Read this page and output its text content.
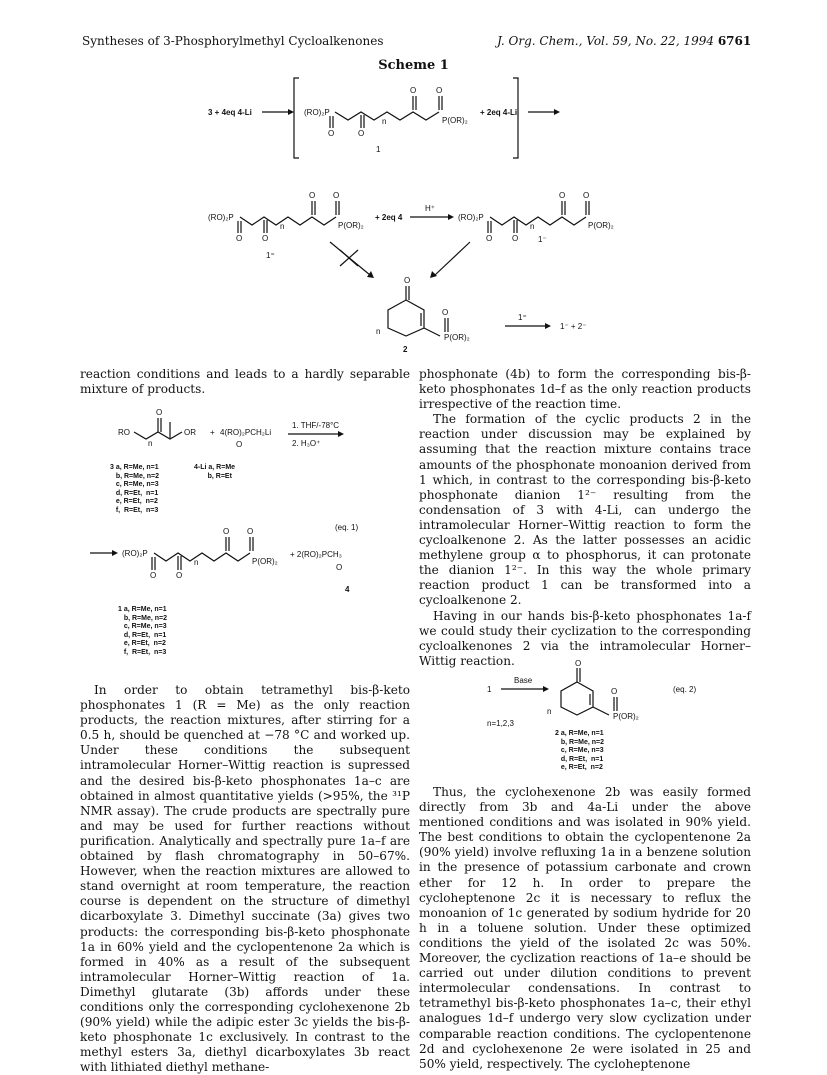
Syntheses of 3-Phosphorylmethyl Cycloalkenones	J. Org. Chem., Vol. 59, No. 22, 1994 6761
Scheme 1
3 + 4eq 4-Li	(RO)₂P
O	O
n
O O
P(OR)₂
+ 2eq 4-Li
1
(RO)₂P
O O
O O
n	P(OR)₂
+ 2eq 4
H⁺
1⁼
(RO)₂P
O O
O O
n	P(OR)₂
1⁻
O
O
P(OR)₂
n
2
1⁼
1⁻ + 2⁻

reaction conditions and leads to a hardly separable mixture of products.

RO
O
OR
n
+ 4(RO)₂PCH₂Li
O
1. THF/-78°C
2. H₃O⁺
(eq. 1)
(RO)₂P
O O
O O
n	P(OR)₂
+ 2(RO)₂PCH₃
O
4
3 a, R=Me, n=1
b, R=Me, n=2
c, R=Me, n=3
d, R=Et,  n=1
e, R=Et,  n=2
f,  R=Et,  n=3
4-Li a, R=Me
b, R=Et
1 a, R=Me, n=1
b, R=Me, n=2
c, R=Me, n=3
d, R=Et,  n=1
e, R=Et,  n=2
f,  R=Et,  n=3

In order to obtain tetramethyl bis-β-keto phosphonates 1 (R = Me) as the only reaction products, the reaction mixtures, after stirring for a 0.5 h, should be quenched at −78 °C and worked up. Under these conditions the subsequent intramolecular Horner–Wittig reaction is supressed and the desired bis-β-keto phosphonates 1a–c are obtained in almost quantitative yields (>95%, the ³¹P NMR assay). The crude products are spectrally pure and may be used for further reactions without purification. Analytically and spectrally pure 1a–f are obtained by flash chromatography in 50–67%. However, when the reaction mixtures are allowed to stand overnight at room temperature, the reaction course is dependent on the structure of dimethyl dicarboxylate 3. Dimethyl succinate (3a) gives two products: the corresponding bis-β-keto phosphonate 1a in 60% yield and the cyclopentenone 2a which is formed in 40% as a result of the subsequent intramolecular Horner–Wittig reaction of 1a. Dimethyl glutarate (3b) affords under these conditions only the corresponding cyclohexenone 2b (90% yield) while the adipic ester 3c yields the bis-β-keto phosphonate 1c exclusively. In contrast to the methyl esters 3a, diethyl dicarboxylates 3b react with lithiated diethyl methane-

phosphonate (4b) to form the corresponding bis-β-keto phosphonates 1d–f as the only reaction products irrespective of the reaction time.

The formation of the cyclic products 2 in the reaction under discussion may be explained by assuming that the reaction mixture contains trace amounts of the phosphonate monoanion derived from 1 which, in contrast to the corresponding bis-β-keto phosphonate dianion 1²⁻ resulting from the condensation of 3 with 4-Li, can undergo the intramolecular Horner–Wittig reaction to form the cycloalkenone 2. As the latter possesses an acidic methylene group α to phosphorus, it can protonate the dianion 1²⁻. In this way the whole primary reaction product 1 can be transformed into a cycloalkenone 2.

Having in our hands bis-β-keto phosphonates 1a-f we could study their cyclization to the corresponding cycloalkenones 2 via the intramolecular Horner–Wittig reaction.

1
Base
O
O
P(OR)₂
n
(eq. 2)
n=1,2,3
2 a, R=Me, n=1
b, R=Me, n=2
c, R=Me, n=3
d, R=Et,  n=1
e, R=Et,  n=2

Thus, the cyclohexenone 2b was easily formed directly from 3b and 4a-Li under the above mentioned conditions and was isolated in 90% yield. The best conditions to obtain the cyclopentenone 2a (90% yield) involve refluxing 1a in a benzene solution in the presence of potassium carbonate and crown ether for 12 h. In order to prepare the cycloheptenone 2c it is necessary to reflux the monoanion of 1c generated by sodium hydride for 20 h in a toluene solution. Under these optimized conditions the yield of the isolated 2c was 50%. Moreover, the cyclization reactions of 1a–e should be carried out under dilution conditions to prevent intermolecular condensations. In contrast to tetramethyl bis-β-keto phosphonates 1a–c, their ethyl analogues 1d–f undergo very slow cyclization under comparable reaction conditions. The cyclopentenone 2d and cyclohexenone 2e were isolated in 25 and 50% yield, respectively. The cycloheptenone
